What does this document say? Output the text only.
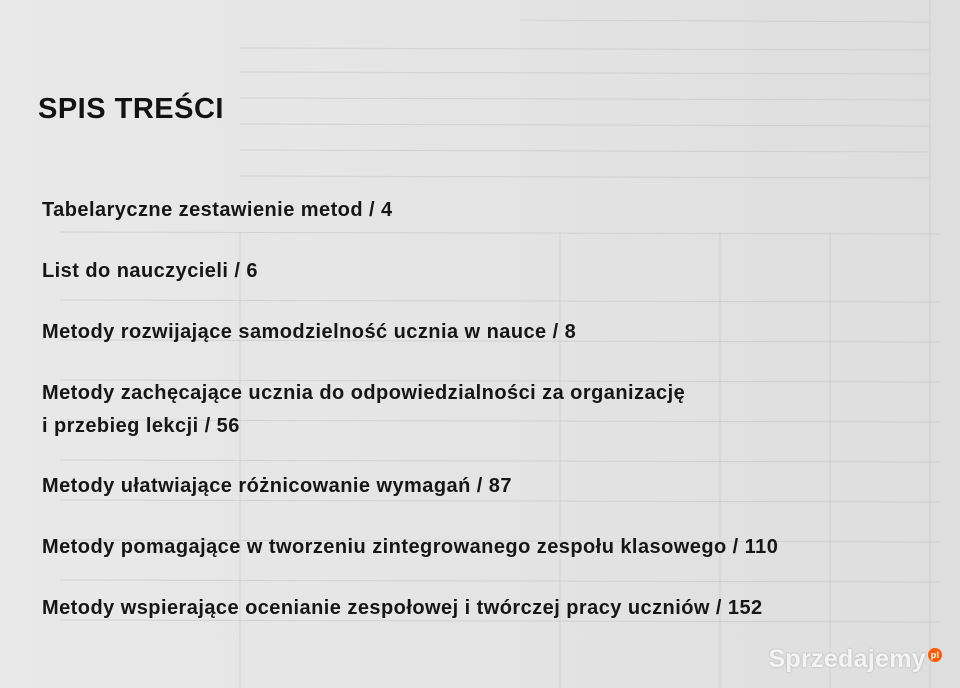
SPIS TREŚCI
Tabelaryczne zestawienie metod / 4
List do nauczycieli / 6
Metody rozwijające samodzielność ucznia w nauce / 8
Metody zachęcające ucznia do odpowiedzialności za organizację
i przebieg lekcji / 56
Metody ułatwiające różnicowanie wymagań / 87
Metody pomagające w tworzeniu zintegrowanego zespołu klasowego / 110
Metody wspierające ocenianie zespołowej i twórczej pracy uczniów / 152
Sprzedajemy pl
